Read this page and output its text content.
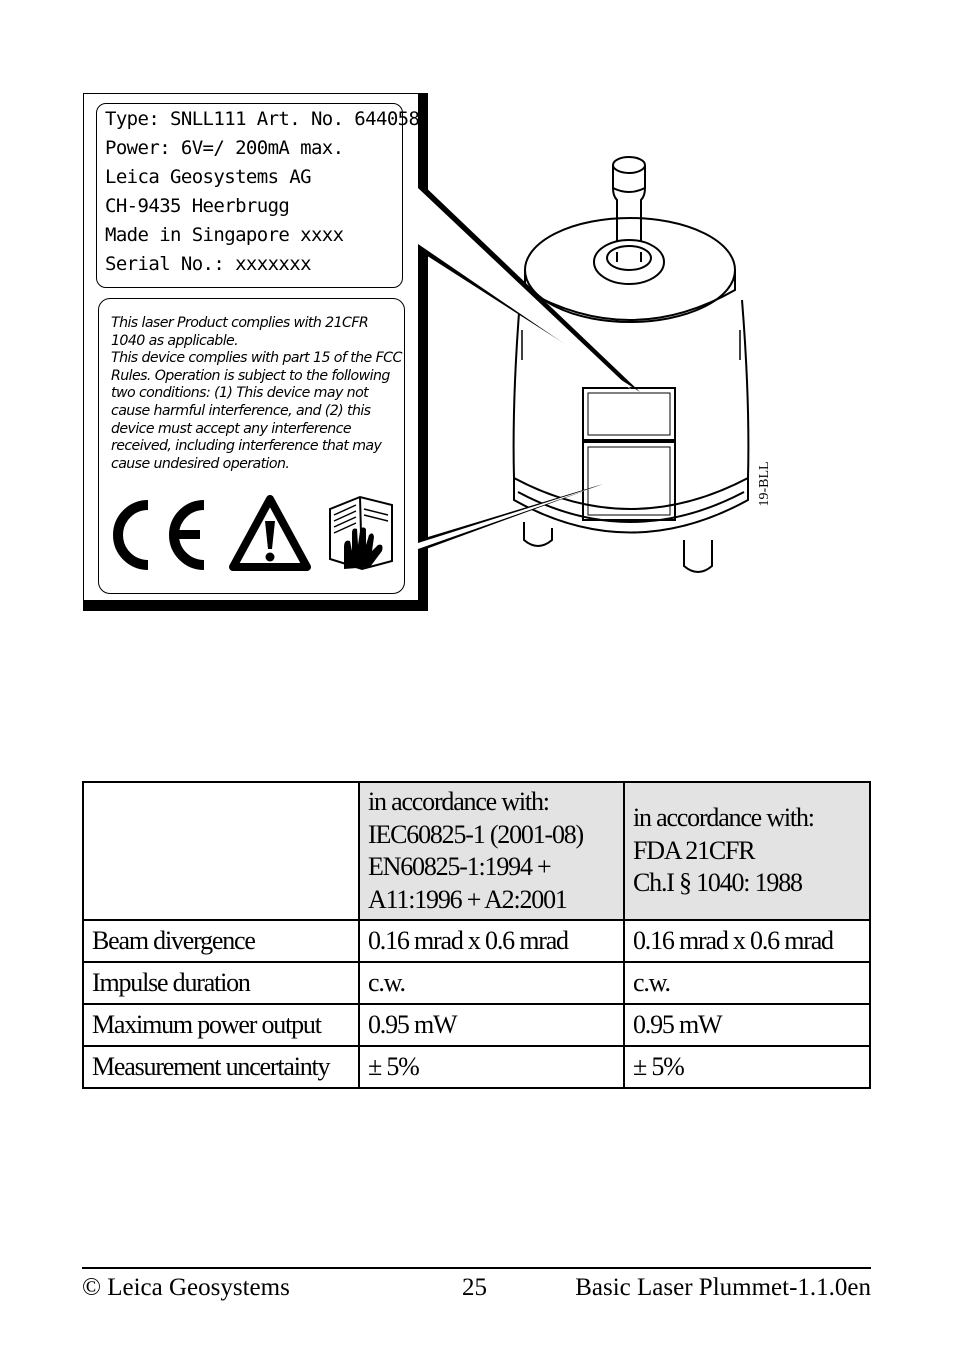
Type: SNLL111 Art. No. 644058
Power: 6V=/ 200mA max.
Leica Geosystems AG
CH-9435 Heerbrugg
Made in Singapore xxxx
Serial No.: xxxxxxx
This laser Product complies with 21CFR 1040 as applicable.
This device complies with part 15 of the FCC Rules. Operation is subject to the following two conditions: (1) This device may not cause harmful interference, and (2) this device must accept any interference received, including interference that may cause undesired operation.	19-BLL

	in accordance with:
IEC60825-1 (2001-08)
EN60825-1:1994 +
A11:1996 + A2:2001	in accordance with:
FDA 21CFR
Ch.I § 1040: 1988

Beam divergence	0.16 mrad x 0.6 mrad	0.16 mrad x 0.6 mrad
Impulse duration	c.w.	c.w.
Maximum power output	0.95 mW	0.95 mW
Measurement uncertainty	± 5%	± 5%
© Leica Geosystems	25	Basic Laser Plummet-1.1.0en
